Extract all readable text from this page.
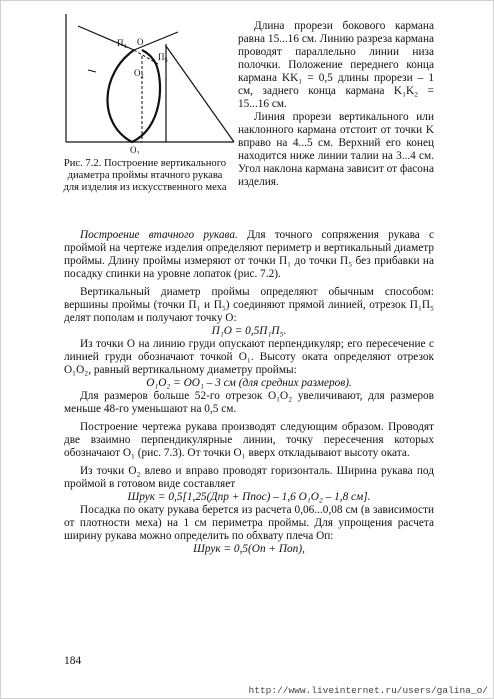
$П_1$ O
$П_5$
$O_2$
$O_1$
Рис. 7.2. Построение вертикального диаметра проймы втачного рукава для изделия из искусственного меха

Длина прорези бокового кармана равна 15...16 см. Линию разреза кармана проводят параллельно линии низа полочки. Положение переднего конца кармана KK₁ = 0,5 длины прорези – 1 см, заднего конца кармана K₁K₂ = 15...16 см.

Линия прорези вертикального или наклонного кармана отстоит от точки K вправо на 4...5 см. Верхний его конец находится ниже линии талии на 3...4 см. Угол наклона кармана зависит от фасона изделия.

Построение втачного рукава. Для точного сопряжения рукава с проймой на чертеже изделия определяют периметр и вертикальный диаметр проймы. Длину проймы измеряют от точки П₁ до точки П₅ без прибавки на посадку спинки на уровне лопаток (рис. 7.2).

Вертикальный диаметр проймы определяют обычным способом: вершины проймы (точки П₁ и П₅) соединяют прямой линией, отрезок П₁П₅ делят пополам и получают точку O:

П₁O = 0,5П₁П₅.

Из точки O на линию груди опускают перпендикуляр; его пересечение с линией груди обозначают точкой O₁. Высоту оката определяют отрезок O₁O₂, равный вертикальному диаметру проймы:

O₁O₂ = OO₁ – 3 см (для средних размеров).

Для размеров больше 52-го отрезок O₁O₂ увеличивают, для размеров меньше 48-го уменьшают на 0,5 см.

Построение чертежа рукава производят следующим образом. Проводят две взаимно перпендикулярные линии, точку пересечения которых обозначают O₁ (рис. 7.3). От точки O₁ вверх откладывают высоту оката.

Из точки O₂ влево и вправо проводят горизонталь. Ширина рукава под проймой в готовом виде составляет

Шрук = 0,5[1,25(Дпр + Ппос) – 1,6 O₁O₂ – 1,8 см].

Посадка по окату рукава берется из расчета 0,06...0,08 см (в зависимости от плотности меха) на 1 см периметра проймы. Для упрощения расчета ширину рукава можно определить по обхвату плеча Oп:

Шрук = 0,5(Oп + Поп),

184
http://www.liveinternet.ru/users/galina_o/
